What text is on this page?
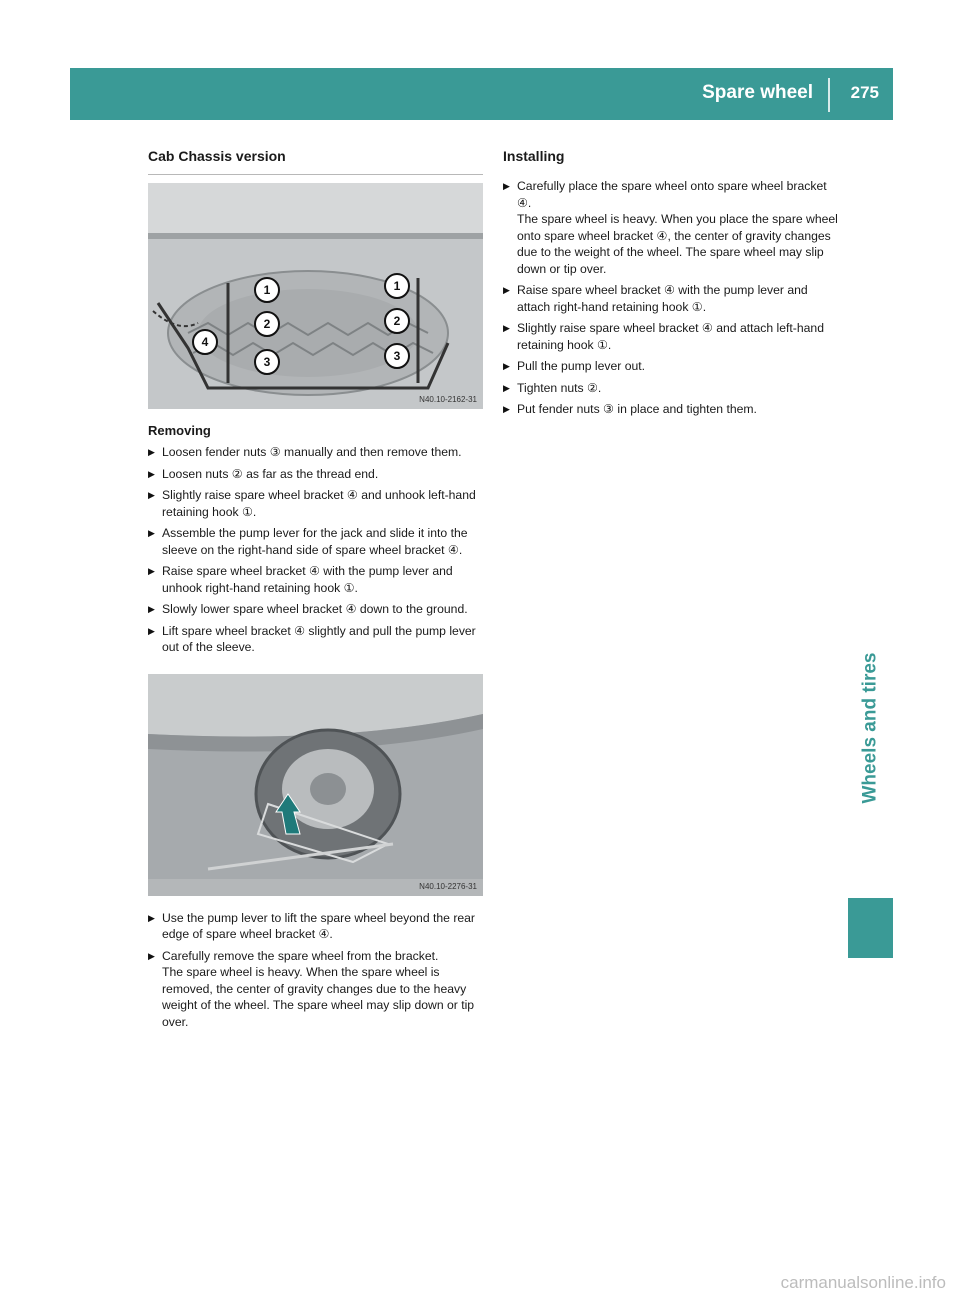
Spare wheel 275
Wheels and tires
Cab Chassis version
1	1
2	2
3	3
4
N40.10-2162-31
Removing
▶ Loosen fender nuts ③ manually and then remove them.
▶ Loosen nuts ② as far as the thread end.
▶ Slightly raise spare wheel bracket ④ and unhook left-hand retaining hook ①.
▶ Assemble the pump lever for the jack and slide it into the sleeve on the right-hand side of spare wheel bracket ④.
▶ Raise spare wheel bracket ④ with the pump lever and unhook right-hand retaining hook ①.
▶ Slowly lower spare wheel bracket ④ down to the ground.
▶ Lift spare wheel bracket ④ slightly and pull the pump lever out of the sleeve.
N40.10-2276-31
▶ Use the pump lever to lift the spare wheel beyond the rear edge of spare wheel bracket ④.
▶ Carefully remove the spare wheel from the bracket.
The spare wheel is heavy. When the spare wheel is removed, the center of gravity changes due to the heavy weight of the wheel. The spare wheel may slip down or tip over.
Installing
▶ Carefully place the spare wheel onto spare wheel bracket ④.
The spare wheel is heavy. When you place the spare wheel onto spare wheel bracket ④, the center of gravity changes due to the weight of the wheel. The spare wheel may slip down or tip over.
▶ Raise spare wheel bracket ④ with the pump lever and attach right-hand retaining hook ①.
▶ Slightly raise spare wheel bracket ④ and attach left-hand retaining hook ①.
▶ Pull the pump lever out.
▶ Tighten nuts ②.
▶ Put fender nuts ③ in place and tighten them.
carmanualsonline.info
